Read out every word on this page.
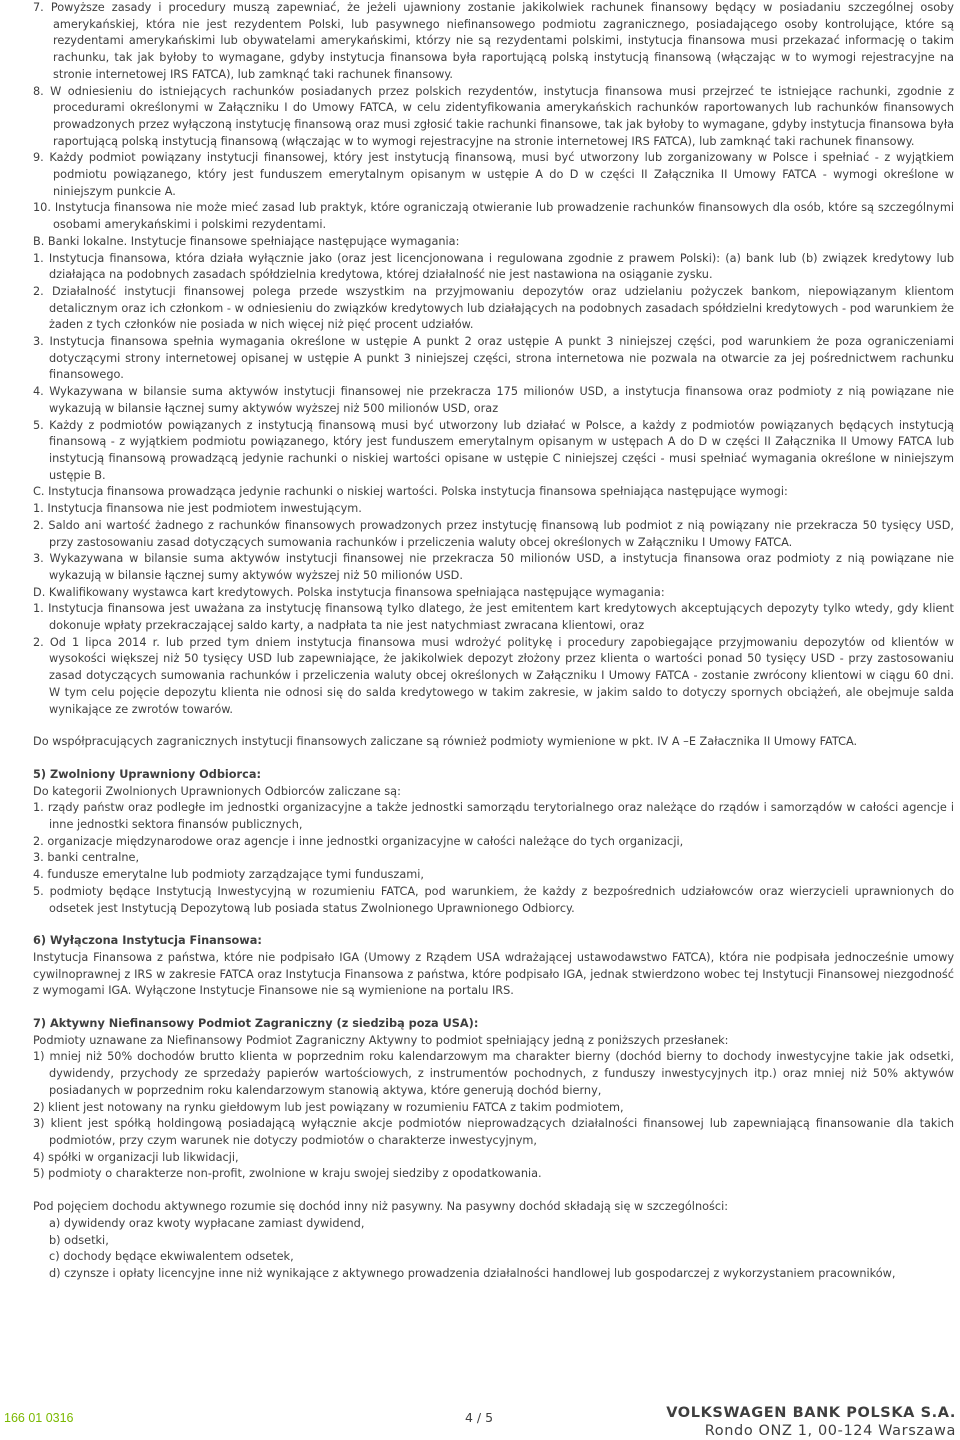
7. Powyższe zasady i procedury muszą zapewniać, że jeżeli ujawniony zostanie jakikolwiek rachunek finansowy będący w posiadaniu szczególnej osoby amerykańskiej, która nie jest rezydentem Polski, lub pasywnego niefinansowego podmiotu zagranicznego, posiadającego osoby kontrolujące, które są rezydentami amerykańskimi lub obywatelami amerykańskimi, którzy nie są rezydentami polskimi, instytucja finansowa musi przekazać informację o takim rachunku, tak jak byłoby to wymagane, gdyby instytucja finansowa była raportującą polską instytucją finansową (włączając w to wymogi rejestracyjne na stronie internetowej IRS FATCA), lub zamknąć taki rachunek finansowy.

8. W odniesieniu do istniejących rachunków posiadanych przez polskich rezydentów, instytucja finansowa musi przejrzeć te istniejące rachunki, zgodnie z procedurami określonymi w Załączniku I do Umowy FATCA, w celu zidentyfikowania amerykańskich rachunków raportowanych lub rachunków finansowych prowadzonych przez wyłączoną instytucję finansową oraz musi zgłosić takie rachunki finansowe, tak jak byłoby to wymagane, gdyby instytucja finansowa była raportującą polską instytucją finansową (włączając w to wymogi rejestracyjne na stronie internetowej IRS FATCA), lub zamknąć taki rachunek finansowy.

9. Każdy podmiot powiązany instytucji finansowej, który jest instytucją finansową, musi być utworzony lub zorganizowany w Polsce i spełniać - z wyjątkiem podmiotu powiązanego, który jest funduszem emerytalnym opisanym w ustępie A do D w części II Załącznika II Umowy FATCA - wymogi określone w niniejszym punkcie A.

10. Instytucja finansowa nie może mieć zasad lub praktyk, które ograniczają otwieranie lub prowadzenie rachunków finansowych dla osób, które są szczególnymi osobami amerykańskimi i polskimi rezydentami.

B. Banki lokalne. Instytucje finansowe spełniające następujące wymagania:

1. Instytucja finansowa, która działa wyłącznie jako (oraz jest licencjonowana i regulowana zgodnie z prawem Polski): (a) bank lub (b) związek kredytowy lub działająca na podobnych zasadach spółdzielnia kredytowa, której działalność nie jest nastawiona na osiąganie zysku.

2. Działalność instytucji finansowej polega przede wszystkim na przyjmowaniu depozytów oraz udzielaniu pożyczek bankom, niepowiązanym klientom detalicznym oraz ich członkom - w odniesieniu do związków kredytowych lub działających na podobnych zasadach spółdzielni kredytowych - pod warunkiem że żaden z tych członków nie posiada w nich więcej niż pięć procent udziałów.

3. Instytucja finansowa spełnia wymagania określone w ustępie A punkt 2 oraz ustępie A punkt 3 niniejszej części, pod warunkiem że poza ograniczeniami dotyczącymi strony internetowej opisanej w ustępie A punkt 3 niniejszej części, strona internetowa nie pozwala na otwarcie za jej pośrednictwem rachunku finansowego.

4. Wykazywana w bilansie suma aktywów instytucji finansowej nie przekracza 175 milionów USD, a instytucja finansowa oraz podmioty z nią powiązane nie wykazują w bilansie łącznej sumy aktywów wyższej niż 500 milionów USD, oraz

5. Każdy z podmiotów powiązanych z instytucją finansową musi być utworzony lub działać w Polsce, a każdy z podmiotów powiązanych będących instytucją finansową - z wyjątkiem podmiotu powiązanego, który jest funduszem emerytalnym opisanym w ustępach A do D w części II Załącznika II Umowy FATCA lub instytucją finansową prowadzącą jedynie rachunki o niskiej wartości opisane w ustępie C niniejszej części - musi spełniać wymagania określone w niniejszym ustępie B.

C. Instytucja finansowa prowadząca jedynie rachunki o niskiej wartości. Polska instytucja finansowa spełniająca następujące wymogi:

1. Instytucja finansowa nie jest podmiotem inwestującym.

2. Saldo ani wartość żadnego z rachunków finansowych prowadzonych przez instytucję finansową lub podmiot z nią powiązany nie przekracza 50 tysięcy USD, przy zastosowaniu zasad dotyczących sumowania rachunków i przeliczenia waluty obcej określonych w Załączniku I Umowy FATCA.

3. Wykazywana w bilansie suma aktywów instytucji finansowej nie przekracza 50 milionów USD, a instytucja finansowa oraz podmioty z nią powiązane nie wykazują w bilansie łącznej sumy aktywów wyższej niż 50 milionów USD.

D. Kwalifikowany wystawca kart kredytowych. Polska instytucja finansowa spełniająca następujące wymagania:

1. Instytucja finansowa jest uważana za instytucję finansową tylko dlatego, że jest emitentem kart kredytowych akceptujących depozyty tylko wtedy, gdy klient dokonuje wpłaty przekraczającej saldo karty, a nadpłata ta nie jest natychmiast zwracana klientowi, oraz

2. Od 1 lipca 2014 r. lub przed tym dniem instytucja finansowa musi wdrożyć politykę i procedury zapobiegające przyjmowaniu depozytów od klientów w wysokości większej niż 50 tysięcy USD lub zapewniające, że jakikolwiek depozyt złożony przez klienta o wartości ponad 50 tysięcy USD - przy zastosowaniu zasad dotyczących sumowania rachunków i przeliczenia waluty obcej określonych w Załączniku I Umowy FATCA - zostanie zwrócony klientowi w ciągu 60 dni. W tym celu pojęcie depozytu klienta nie odnosi się do salda kredytowego w takim zakresie, w jakim saldo to dotyczy spornych obciążeń, ale obejmuje salda wynikające ze zwrotów towarów.

Do współpracujących zagranicznych instytucji finansowych zaliczane są również podmioty wymienione w pkt. IV A –E Załacznika II Umowy FATCA.

5) Zwolniony Uprawniony Odbiorca:

Do kategorii Zwolnionych Uprawnionych Odbiorców zaliczane są:

1. rządy państw oraz podległe im jednostki organizacyjne a także jednostki samorządu terytorialnego oraz należące do rządów i samorządów w całości agencje i inne jednostki sektora finansów publicznych,

2. organizacje międzynarodowe oraz agencje i inne jednostki organizacyjne w całości należące do tych organizacji,

3. banki centralne,

4. fundusze emerytalne lub podmioty zarządzające tymi funduszami,

5. podmioty będące Instytucją Inwestycyjną w rozumieniu FATCA, pod warunkiem, że każdy z bezpośrednich udziałowców oraz wierzycieli uprawnionych do odsetek jest Instytucją Depozytową lub posiada status Zwolnionego Uprawnionego Odbiorcy.

6) Wyłączona Instytucja Finansowa:

Instytucja Finansowa z państwa, które nie podpisało IGA (Umowy z Rządem USA wdrażającej ustawodawstwo FATCA), która nie podpisała jednocześnie umowy cywilnoprawnej z IRS w zakresie FATCA oraz Instytucja Finansowa z państwa, które podpisało IGA, jednak stwierdzono wobec tej Instytucji Finansowej niezgodność z wymogami IGA. Wyłączone Instytucje Finansowe nie są wymienione na portalu IRS.

7) Aktywny Niefinansowy Podmiot Zagraniczny (z siedzibą poza USA):

Podmioty uznawane za Niefinansowy Podmiot Zagraniczny Aktywny to podmiot spełniający jedną z poniższych przesłanek:

1) mniej niż 50% dochodów brutto klienta w poprzednim roku kalendarzowym ma charakter bierny (dochód bierny to dochody inwestycyjne takie jak odsetki, dywidendy, przychody ze sprzedaży papierów wartościowych, z instrumentów pochodnych, z funduszy inwestycyjnych itp.) oraz mniej niż 50% aktywów posiadanych w poprzednim roku kalendarzowym stanowią aktywa, które generują dochód bierny,

2) klient jest notowany na rynku giełdowym lub jest powiązany w rozumieniu FATCA z takim podmiotem,

3) klient jest spółką holdingową posiadającą wyłącznie akcje podmiotów nieprowadzących działalności finansowej lub zapewniającą finansowanie dla takich podmiotów, przy czym warunek nie dotyczy podmiotów o charakterze inwestycyjnym,

4) spółki w organizacji lub likwidacji,

5) podmioty o charakterze non-profit, zwolnione w kraju swojej siedziby z opodatkowania.

Pod pojęciem dochodu aktywnego rozumie się dochód inny niż pasywny. Na pasywny dochód składają się w szczególności:

a) dywidendy oraz kwoty wypłacane zamiast dywidend,

b) odsetki,

c) dochody będące ekwiwalentem odsetek,

d) czynsze i opłaty licencyjne inne niż wynikające z aktywnego prowadzenia działalności handlowej lub gospodarczej z wykorzystaniem pracowników,

166 01 0316	4 / 5	VOLKSWAGEN BANK POLSKA S.A.
Rondo ONZ 1, 00-124 Warszawa
